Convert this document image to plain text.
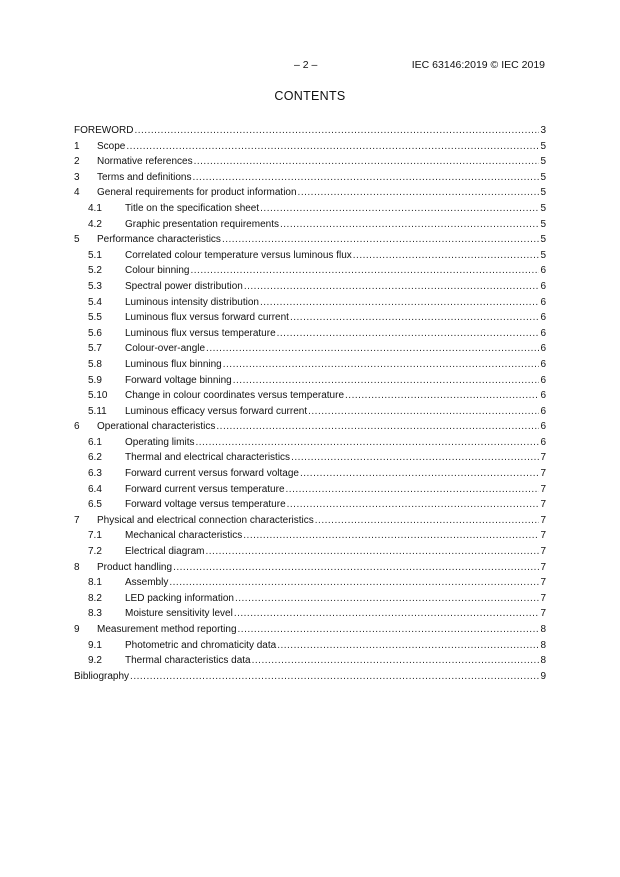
– 2 –	IEC 63146:2019 © IEC 2019
CONTENTS
FOREWORD .....	3
1	Scope .....	5
2	Normative references .....	5
3	Terms and definitions .....	5
4	General requirements for product information .....	5
4.1	Title on the specification sheet .....	5
4.2	Graphic presentation requirements .....	5
5	Performance characteristics .....	5
5.1	Correlated colour temperature versus luminous flux .....	5
5.2	Colour binning .....	6
5.3	Spectral power distribution .....	6
5.4	Luminous intensity distribution .....	6
5.5	Luminous flux versus forward current .....	6
5.6	Luminous flux versus temperature .....	6
5.7	Colour-over-angle .....	6
5.8	Luminous flux binning .....	6
5.9	Forward voltage binning .....	6
5.10	Change in colour coordinates versus temperature .....	6
5.11	Luminous efficacy versus forward current .....	6
6	Operational characteristics .....	6
6.1	Operating limits .....	6
6.2	Thermal and electrical characteristics .....	7
6.3	Forward current versus forward voltage .....	7
6.4	Forward current versus temperature .....	7
6.5	Forward voltage versus temperature .....	7
7	Physical and electrical connection characteristics .....	7
7.1	Mechanical characteristics .....	7
7.2	Electrical diagram .....	7
8	Product handling .....	7
8.1	Assembly .....	7
8.2	LED packing information .....	7
8.3	Moisture sensitivity level .....	7
9	Measurement method reporting .....	8
9.1	Photometric and chromaticity data .....	8
9.2	Thermal characteristics data .....	8
Bibliography .....	9
